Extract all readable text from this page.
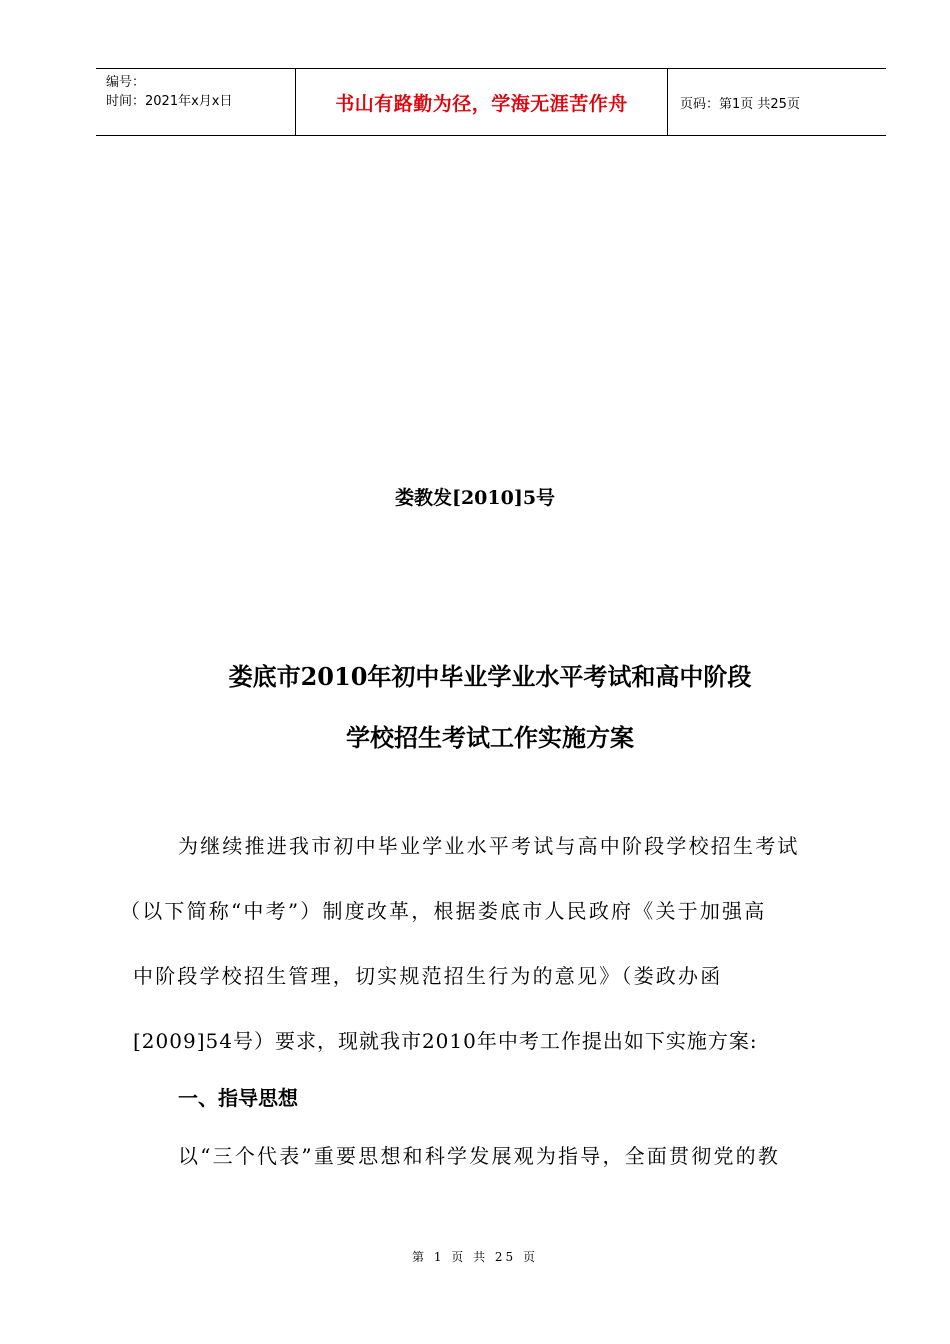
编号：
时间：2021年x月x日	书山有路勤为径，学海无涯苦作舟	页码：第1页 共25页
娄教发[2010]5号
娄底市2010年初中毕业学业水平考试和高中阶段
学校招生考试工作实施方案
为继续推进我市初中毕业学业水平考试与高中阶段学校招生考试
（以下简称“中考”）制度改革，根据娄底市人民政府《关于加强高
中阶段学校招生管理，切实规范招生行为的意见》（娄政办函
[2009]54号）要求，现就我市2010年中考工作提出如下实施方案:
一、指导思想
以“三个代表”重要思想和科学发展观为指导，全面贯彻党的教
第 1 页 共 25 页
